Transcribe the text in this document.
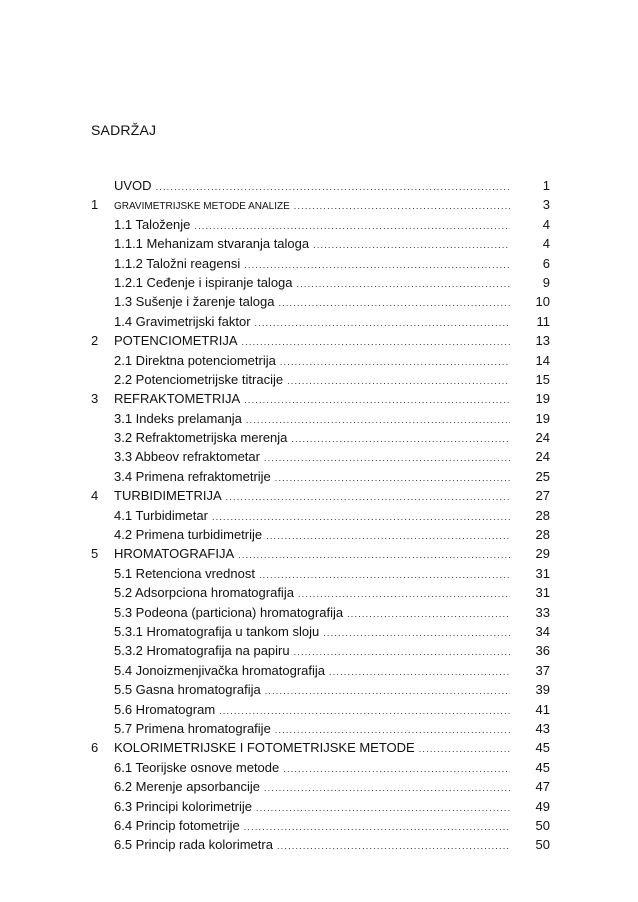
SADRŽAJ
UVOD .....	1
1	GRAVIMETRIJSKE METODE ANALIZE .....	3
1.1 Taloženje .....	4
1.1.1 Mehanizam stvaranja taloga .....	4
1.1.2 Taložni reagensi .....	6
1.2.1 Ceđenje i ispiranje taloga .....	9
1.3 Sušenje i žarenje taloga .....	10
1.4 Gravimetrijski faktor .....	11
2	POTENCIOMETRIJA .....	13
2.1 Direktna potenciometrija .....	14
2.2 Potenciometrijske titracije .....	15
3	REFRAKTOMETRIJA .....	19
3.1 Indeks prelamanja .....	19
3.2 Refraktometrijska merenja .....	24
3.3 Abbeov refraktometar .....	24
3.4 Primena refraktometrije .....	25
4	TURBIDIMETRIJA .....	27
4.1 Turbidimetar .....	28
4.2 Primena turbidimetrije .....	28
5	HROMATOGRAFIJA .....	29
5.1 Retenciona vrednost .....	31
5.2 Adsorpciona hromatografija .....	31
5.3 Podeona (particiona) hromatografija .....	33
5.3.1 Hromatografija u tankom sloju .....	34
5.3.2 Hromatografija na papiru .....	36
5.4 Jonoizmenjivačka hromatografija .....	37
5.5 Gasna hromatografija .....	39
5.6 Hromatogram .....	41
5.7 Primena hromatografije .....	43
6	KOLORIMETRIJSKE I FOTOMETRIJSKE METODE .....	45
6.1 Teorijske osnove metode .....	45
6.2 Merenje apsorbancije .....	47
6.3 Principi kolorimetrije .....	49
6.4 Princip fotometrije .....	50
6.5 Princip rada kolorimetra .....	50
